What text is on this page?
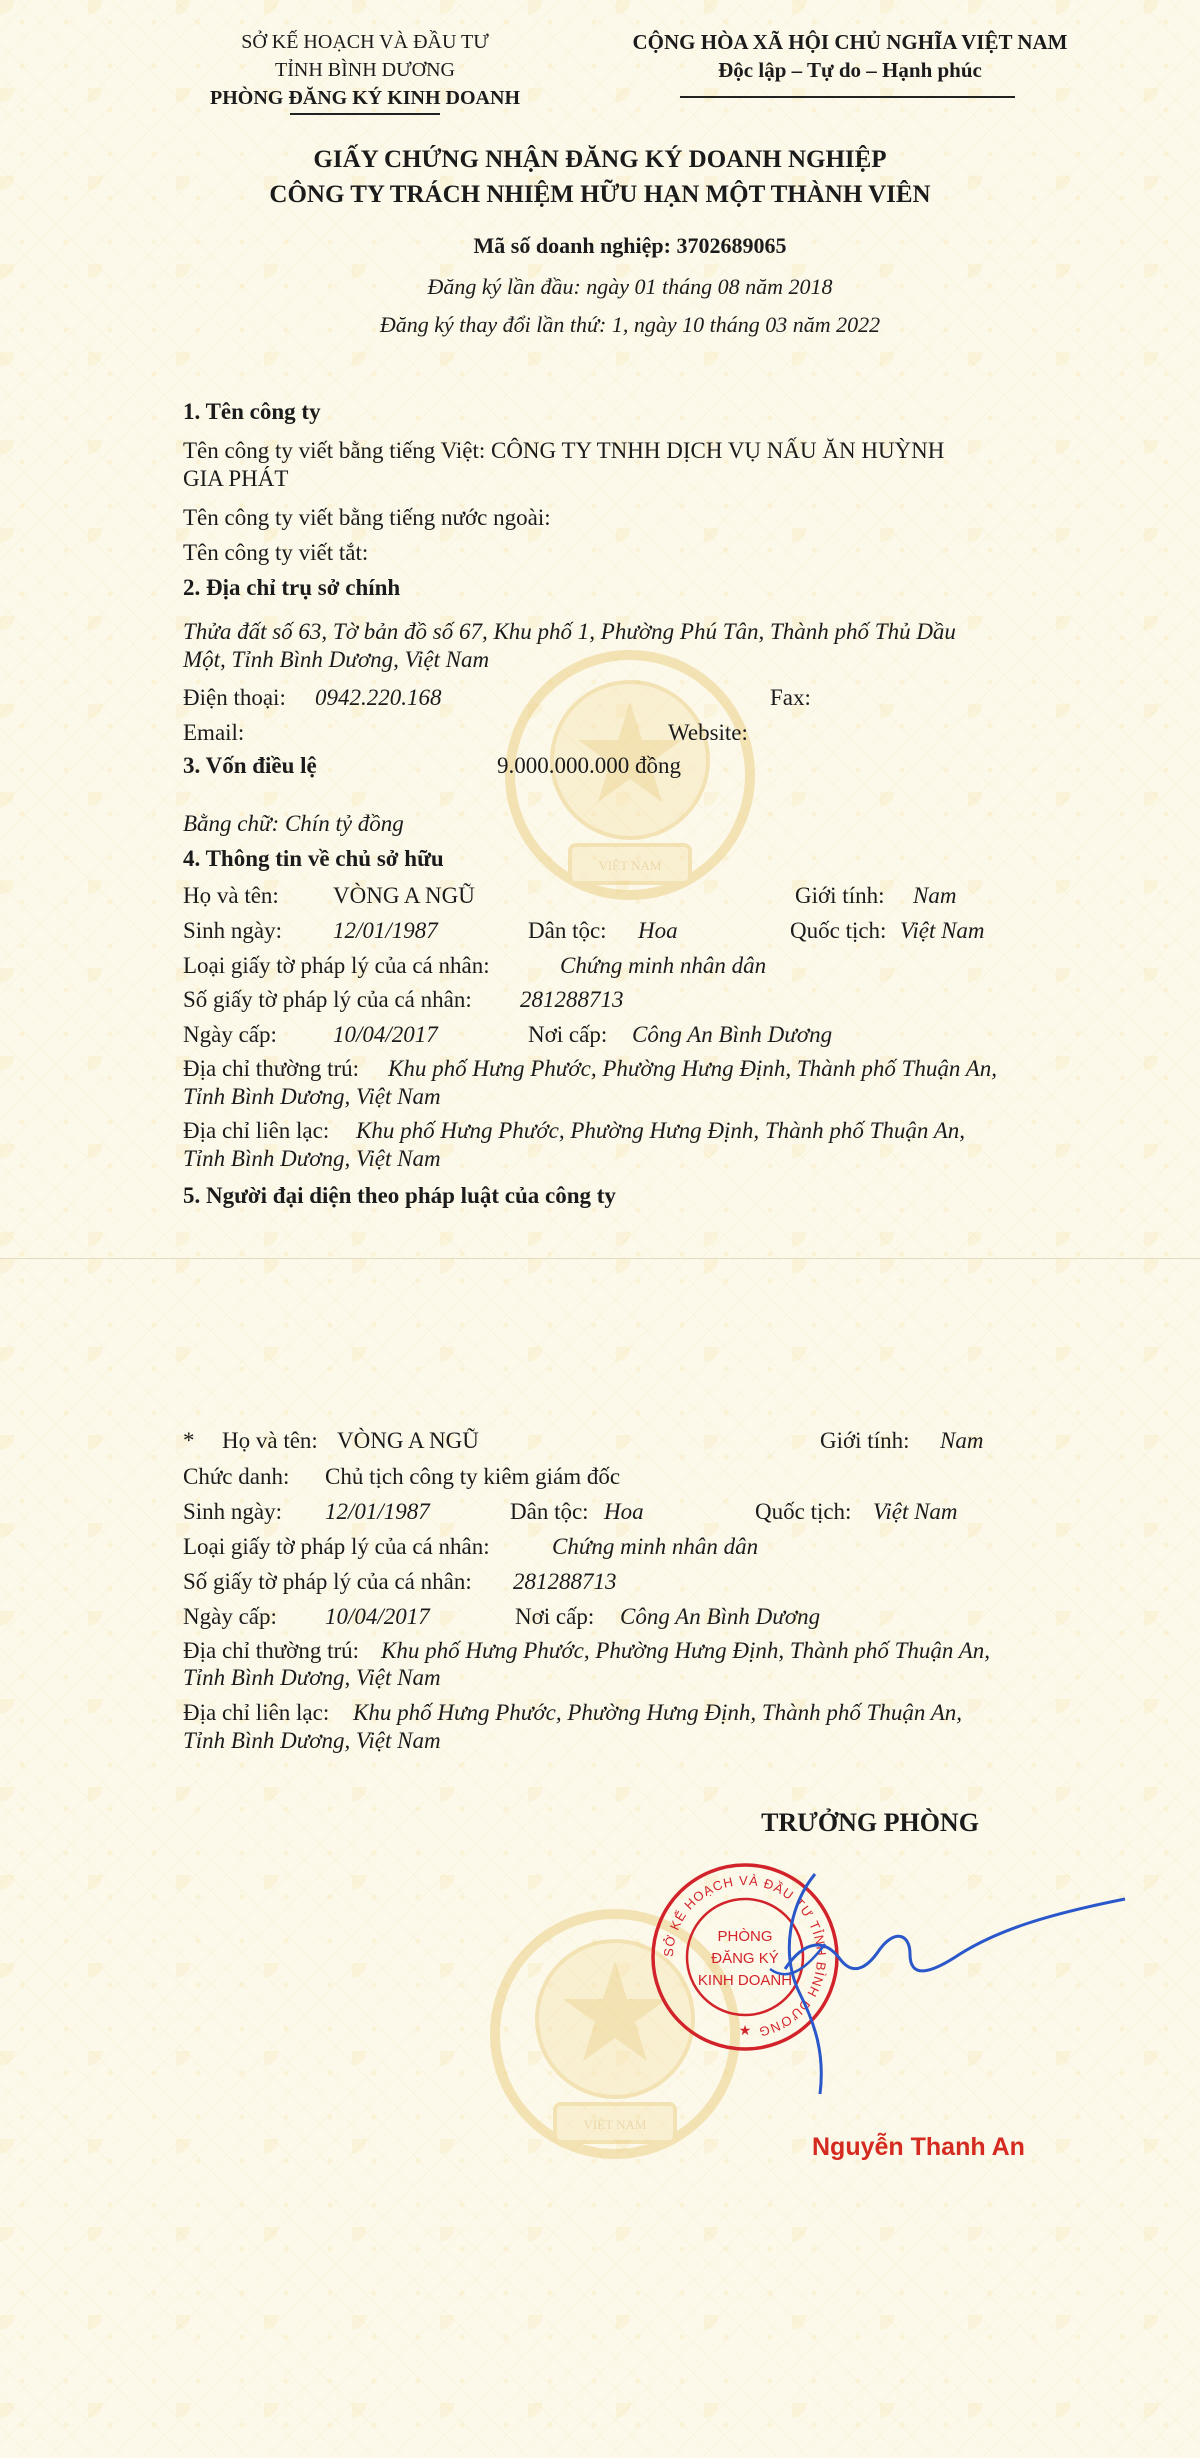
VIỆT NAM
SỞ KẾ HOẠCH VÀ ĐẦU TƯ
TỈNH BÌNH DƯƠNG
PHÒNG ĐĂNG KÝ KINH DOANH
CỘNG HÒA XÃ HỘI CHỦ NGHĨA VIỆT NAM
Độc lập – Tự do – Hạnh phúc
GIẤY CHỨNG NHẬN ĐĂNG KÝ DOANH NGHIỆP
CÔNG TY TRÁCH NHIỆM HỮU HẠN MỘT THÀNH VIÊN
Mã số doanh nghiệp: 3702689065
Đăng ký lần đầu: ngày 01 tháng 08 năm 2018
Đăng ký thay đổi lần thứ: 1, ngày 10 tháng 03 năm 2022
1. Tên công ty
Tên công ty viết bằng tiếng Việt: CÔNG TY TNHH DỊCH VỤ NẤU ĂN HUỲNH
GIA PHÁT
Tên công ty viết bằng tiếng nước ngoài:
Tên công ty viết tắt:
2. Địa chỉ trụ sở chính
Thửa đất số 63, Tờ bản đồ số 67, Khu phố 1, Phường Phú Tân, Thành phố Thủ Dầu
Một, Tỉnh Bình Dương, Việt Nam
Điện thoại: 0942.220.168	Fax:
Email:	Website:
3. Vốn điều lệ	9.000.000.000 đồng
Bằng chữ: Chín tỷ đồng
4. Thông tin về chủ sở hữu
Họ và tên: VÒNG A NGŨ	Giới tính: Nam
Sinh ngày: 12/01/1987	Dân tộc: Hoa	Quốc tịch: Việt Nam
Loại giấy tờ pháp lý của cá nhân:	Chứng minh nhân dân
Số giấy tờ pháp lý của cá nhân: 281288713
Ngày cấp: 10/04/2017	Nơi cấp: Công An Bình Dương
Địa chỉ thường trú: Khu phố Hưng Phước, Phường Hưng Định, Thành phố Thuận An,
Tỉnh Bình Dương, Việt Nam
Địa chỉ liên lạc: Khu phố Hưng Phước, Phường Hưng Định, Thành phố Thuận An,
Tỉnh Bình Dương, Việt Nam
5. Người đại diện theo pháp luật của công ty
VIỆT NAM
* Họ và tên: VÒNG A NGŨ	Giới tính: Nam
Chức danh: Chủ tịch công ty kiêm giám đốc
Sinh ngày: 12/01/1987	Dân tộc: Hoa	Quốc tịch: Việt Nam
Loại giấy tờ pháp lý của cá nhân:	Chứng minh nhân dân
Số giấy tờ pháp lý của cá nhân: 281288713
Ngày cấp: 10/04/2017	Nơi cấp: Công An Bình Dương
Địa chỉ thường trú: Khu phố Hưng Phước, Phường Hưng Định, Thành phố Thuận An,
Tỉnh Bình Dương, Việt Nam
Địa chỉ liên lạc: Khu phố Hưng Phước, Phường Hưng Định, Thành phố Thuận An,
Tỉnh Bình Dương, Việt Nam
TRƯỞNG PHÒNG
SỞ KẾ HOẠCH VÀ ĐẦU TƯ TỈNH BÌNH DƯƠNG
PHÒNG
ĐĂNG KÝ
KINH DOANH
★
Nguyễn Thanh An
